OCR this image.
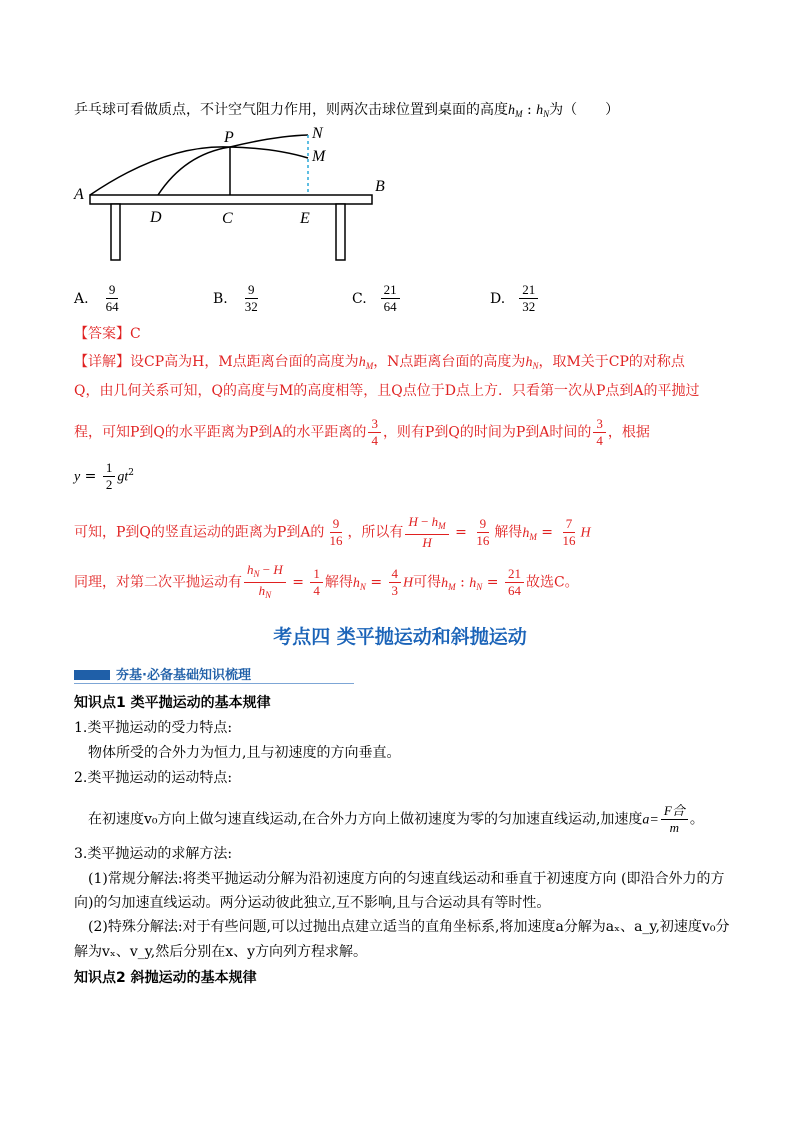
乒乓球可看做质点，不计空气阻力作用，则两次击球位置到桌面的高度$h_M$ : $h_N$为（　　）
P	N
M
A	B
D	C	E
A. $\frac{9}{64}$	B. $\frac{9}{32}$	C. $\frac{21}{64}$	D. $\frac{21}{32}$
【答案】C
【详解】设CP高为H，M点距离台面的高度为$h_M$，N点距离台面的高度为$h_N$，取M关于CP的对称点
Q，由几何关系可知，Q的高度与M的高度相等，且Q点位于D点上方．只看第一次从P点到A的平抛过
程，可知P到Q的水平距离为P到A的水平距离的 $\frac{3}{4}$ ，则有P到Q的时间为P到A时间的 $\frac{3}{4}$ ，根据
$y = \frac{1}{2} gt^2$
可知，P到Q的竖直运动的距离为P到A的 $\frac{9}{16}$ ，所以有 $\frac{H - h_M}{H} = \frac{9}{16}$ 解得$h_M = \frac{7}{16}$ H
同理，对第二次平抛运动有 $\frac{h_N - H}{h_N} = \frac{1}{4}$ 解得$h_N = \frac{4}{3}$ H可得$h_M$ : $h_N = \frac{21}{64}$ 故选C。
考点四 类平抛运动和斜抛运动
夯基·必备基础知识梳理
知识点1 类平抛运动的基本规律
1.类平抛运动的受力特点:
物体所受的合外力为恒力,且与初速度的方向垂直。
2.类平抛运动的运动特点:
在初速度v₀方向上做匀速直线运动,在合外力方向上做初速度为零的匀加速直线运动,加速度$a= \frac{\text{F合}}{m}$ 。
3.类平抛运动的求解方法:
(1)常规分解法:将类平抛运动分解为沿初速度方向的匀速直线运动和垂直于初速度方向 (即沿合外力的方
向)的匀加速直线运动。两分运动彼此独立,互不影响,且与合运动具有等时性。
(2)特殊分解法:对于有些问题,可以过抛出点建立适当的直角坐标系,将加速度a分解为aₓ、a_y,初速度v₀分
解为vₓ、v_y,然后分别在x、y方向列方程求解。
知识点2 斜抛运动的基本规律
